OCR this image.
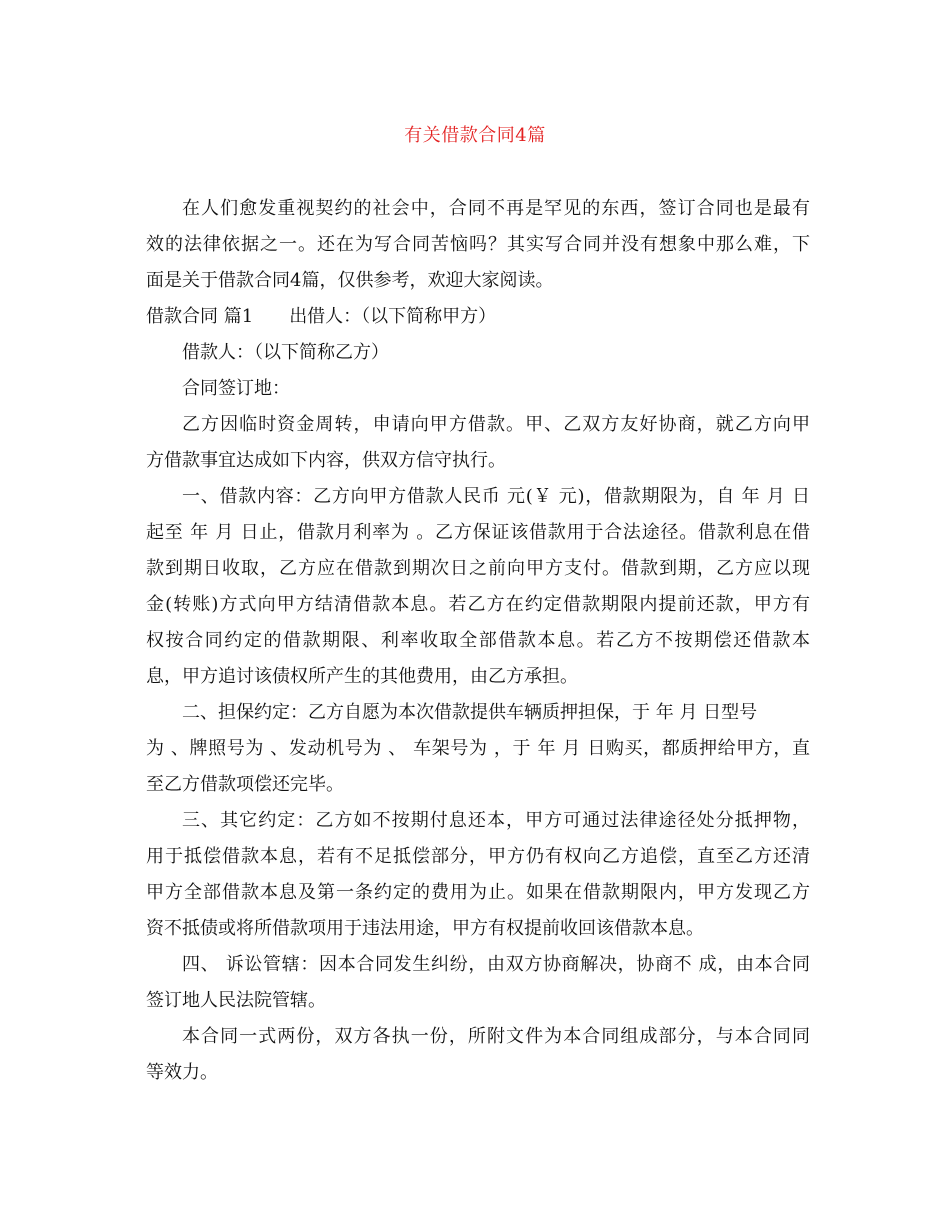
有关借款合同4篇
在人们愈发重视契约的社会中，合同不再是罕见的东西，签订合同也是最有
效的法律依据之一。还在为写合同苦恼吗？其实写合同并没有想象中那么难，下
面是关于借款合同4篇，仅供参考，欢迎大家阅读。
借款合同 篇1 出借人：（以下简称甲方）
借款人：（以下简称乙方）
合同签订地：
乙方因临时资金周转，申请向甲方借款。甲、乙双方友好协商，就乙方向甲
方借款事宜达成如下内容，供双方信守执行。
一、借款内容：乙方向甲方借款人民币 元(￥ 元)，借款期限为，自 年 月 日
起至 年 月 日止，借款月利率为 。乙方保证该借款用于合法途径。借款利息在借
款到期日收取，乙方应在借款到期次日之前向甲方支付。借款到期，乙方应以现
金(转账)方式向甲方结清借款本息。若乙方在约定借款期限内提前还款，甲方有
权按合同约定的借款期限、利率收取全部借款本息。若乙方不按期偿还借款本
息，甲方追讨该债权所产生的其他费用，由乙方承担。
二、担保约定：乙方自愿为本次借款提供车辆质押担保，于 年 月 日型号
为 、牌照号为 、发动机号为 、 车架号为 ，于 年 月 日购买，都质押给甲方，直
至乙方借款项偿还完毕。
三、其它约定：乙方如不按期付息还本，甲方可通过法律途径处分抵押物，
用于抵偿借款本息，若有不足抵偿部分，甲方仍有权向乙方追偿，直至乙方还清
甲方全部借款本息及第一条约定的费用为止。如果在借款期限内，甲方发现乙方
资不抵债或将所借款项用于违法用途，甲方有权提前收回该借款本息。
四、 诉讼管辖：因本合同发生纠纷，由双方协商解决，协商不 成，由本合同
签订地人民法院管辖。
本合同一式两份，双方各执一份，所附文件为本合同组成部分，与本合同同
等效力。
